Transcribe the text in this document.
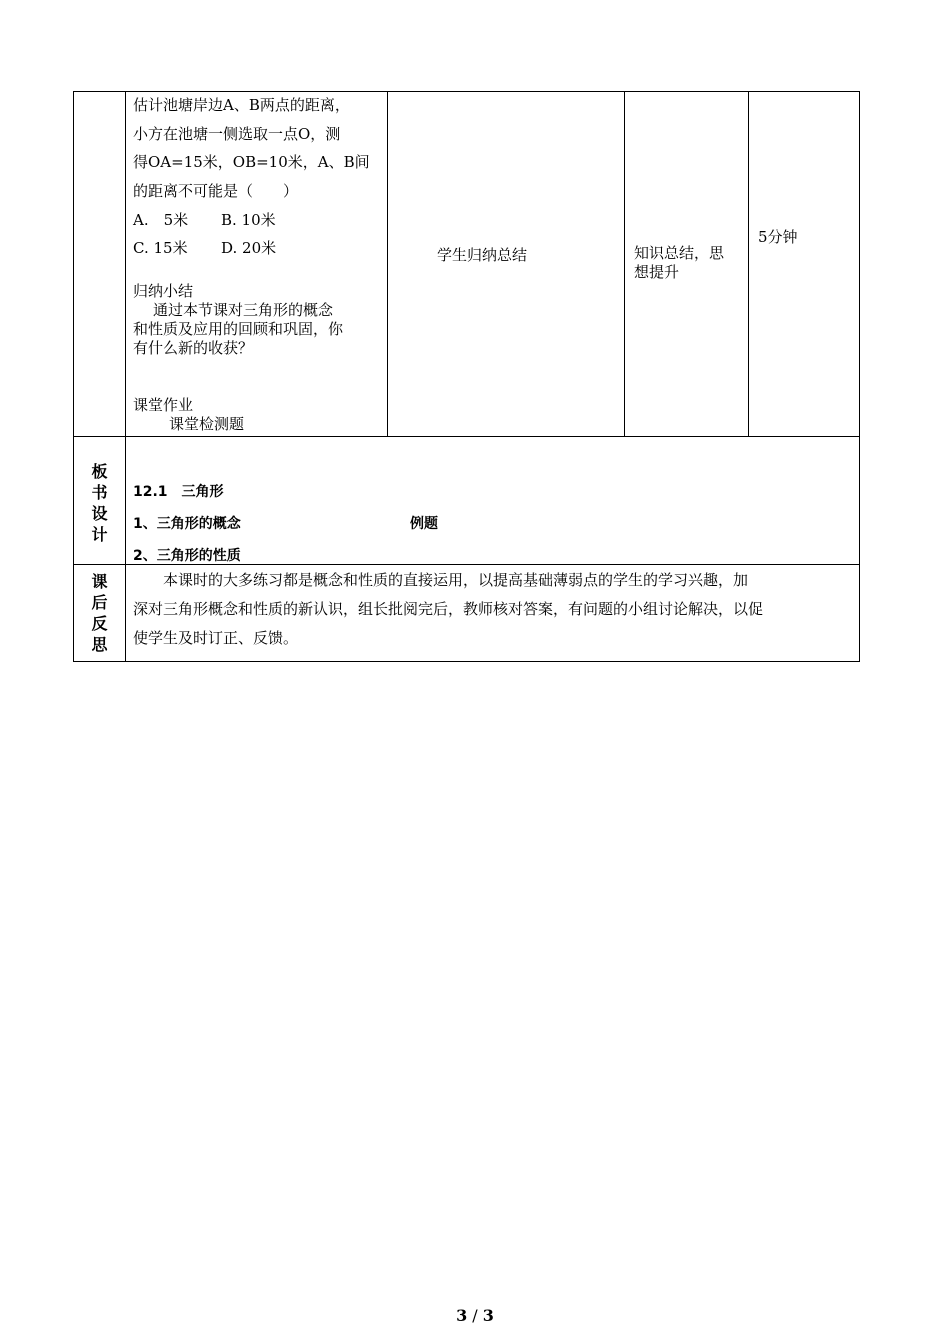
估计池塘岸边A、B两点的距离，
小方在池塘一侧选取一点O，测
得OA=15米，OB=10米，A、B间
的距离不可能是（　　）
A.　5米 B. 10米
C. 15米 D. 20米
归纳小结
通过本节课对三角形的概念
和性质及应用的回顾和巩固，你
有什么新的收获？
课堂作业
课堂检测题
学生归纳总结	知识总结，思
想提升
5分钟
板
书
设
计
12.1　三角形
1、三角形的概念	例题
2、三角形的性质
课
后
反
思
　　本课时的大多练习都是概念和性质的直接运用，以提高基础薄弱点的学生的学习兴趣，加
深对三角形概念和性质的新认识，组长批阅完后，教师核对答案，有问题的小组讨论解决，以促
使学生及时订正、反馈。
3 / 3
